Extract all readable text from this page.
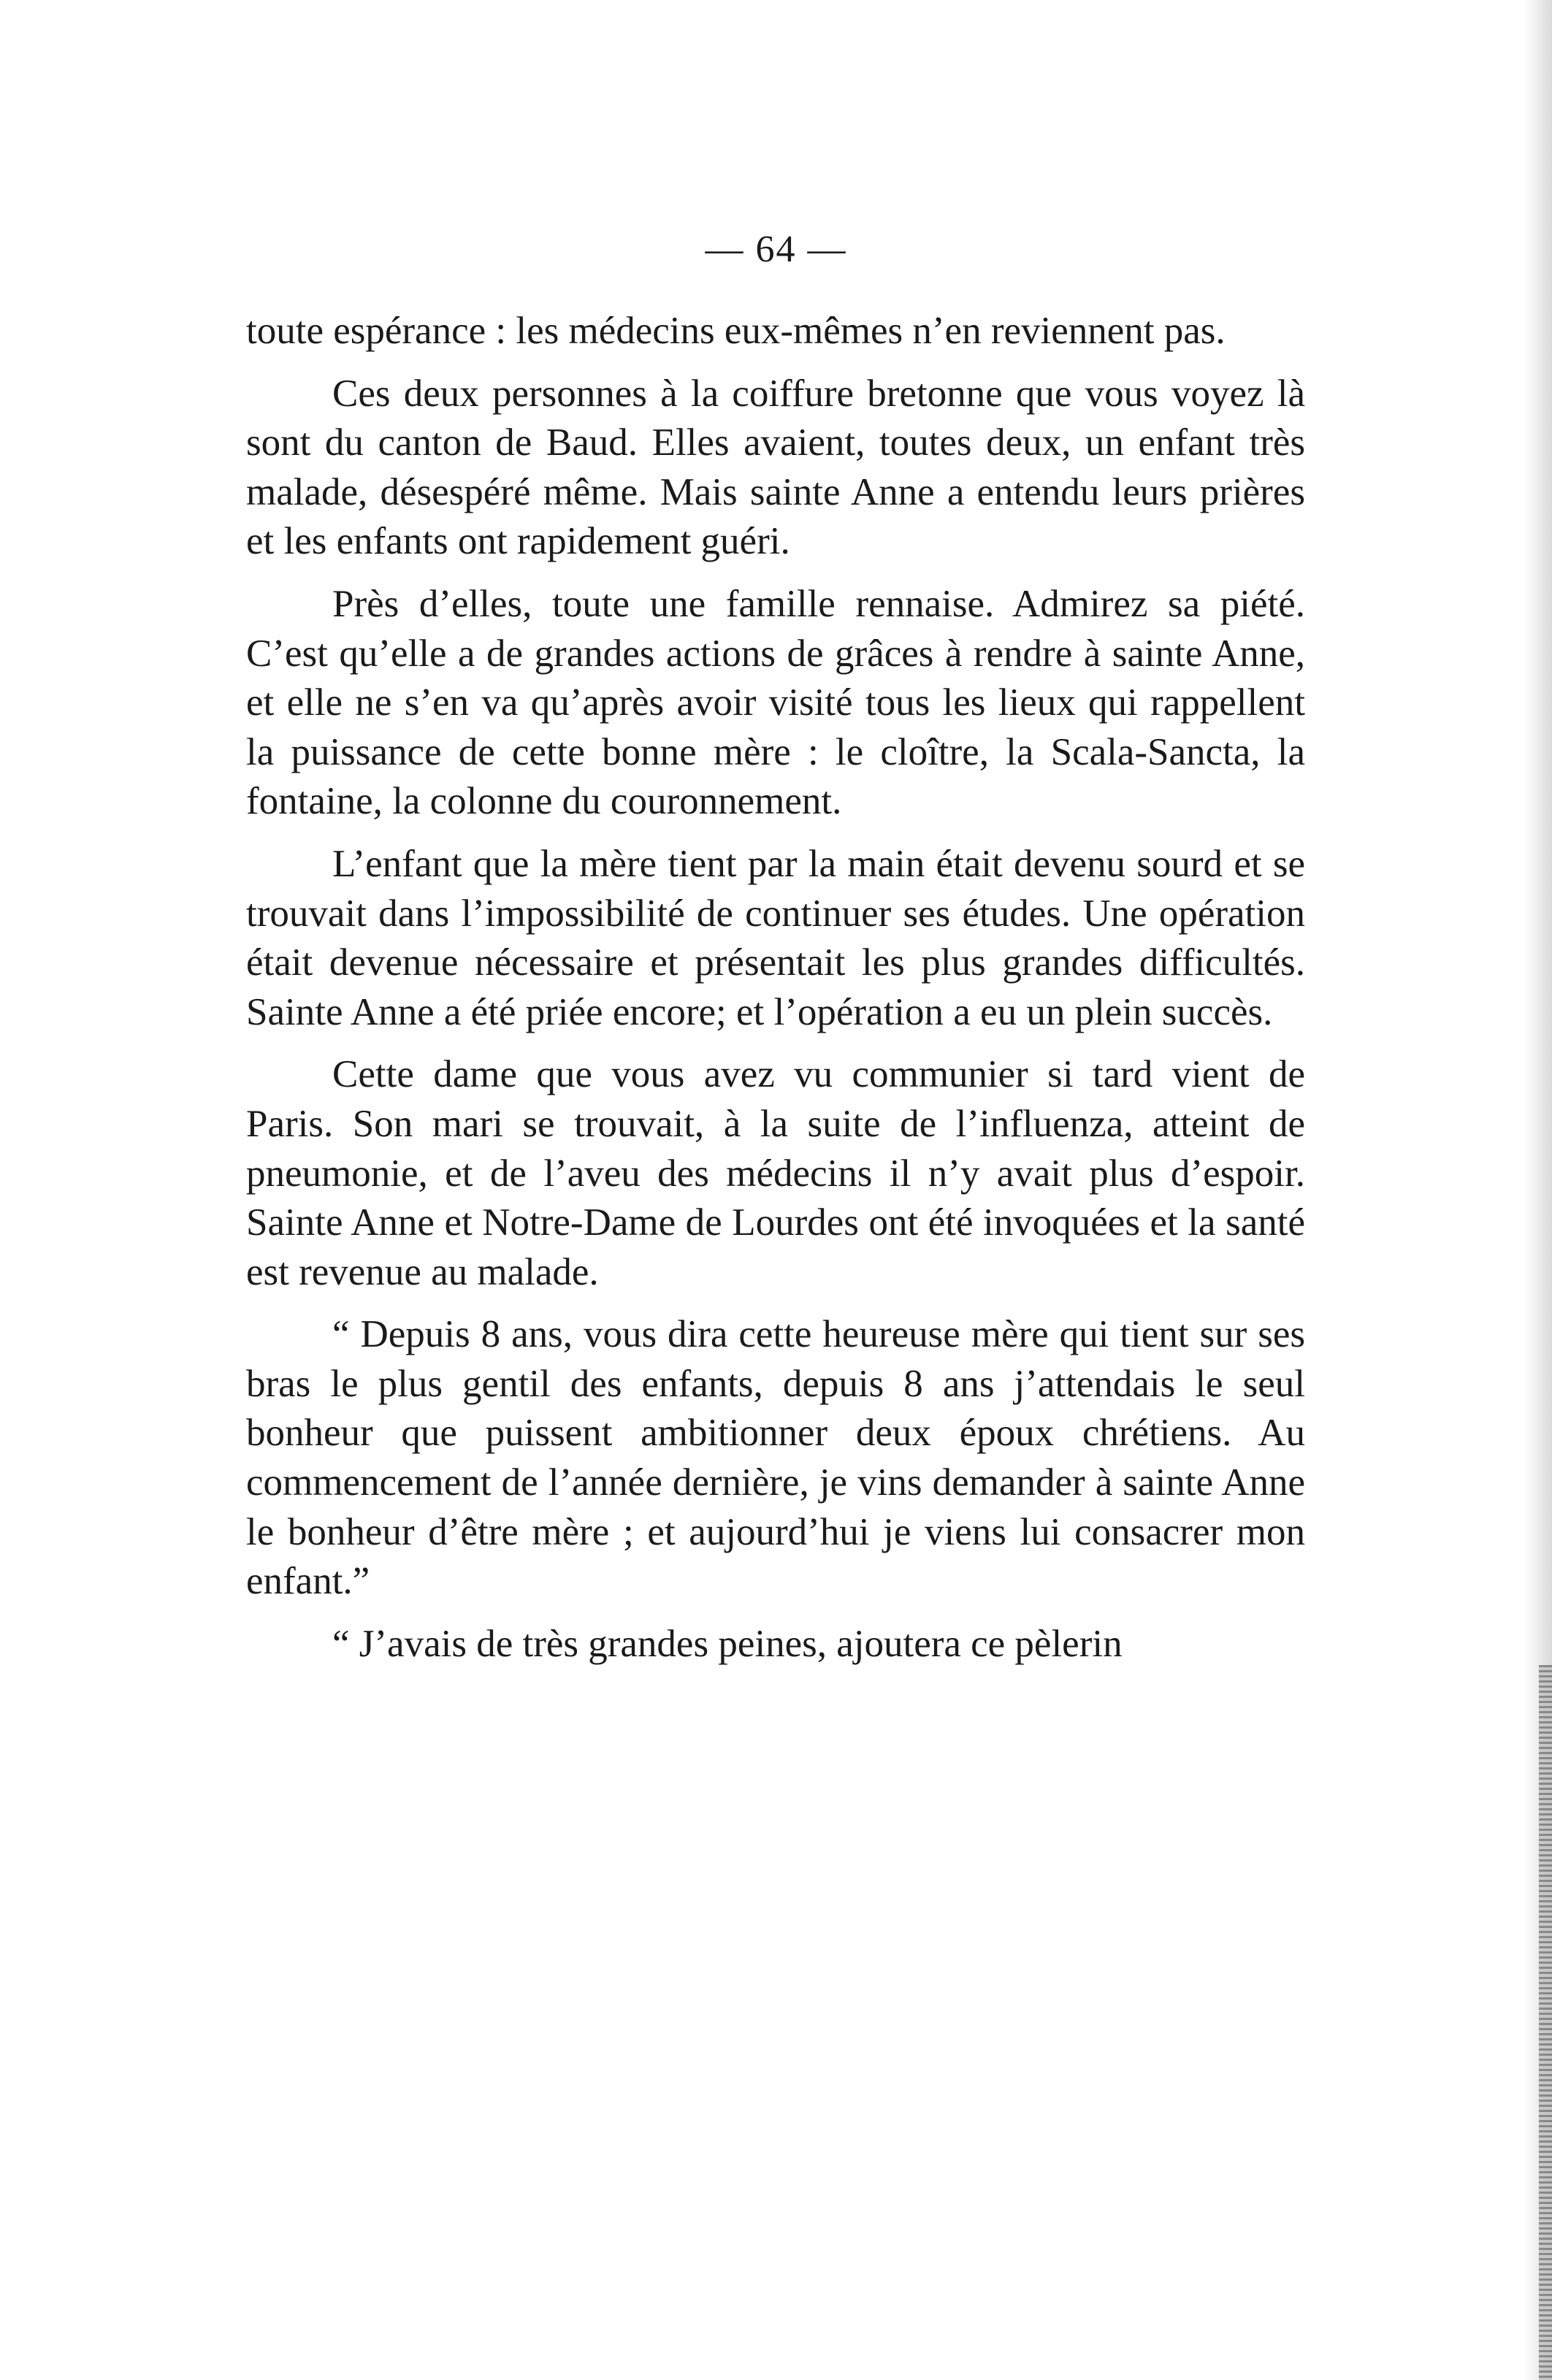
— 64 —

toute espérance : les médecins eux-mêmes n’en reviennent pas.

Ces deux personnes à la coiffure bretonne que vous voyez là sont du canton de Baud. Elles avaient, toutes deux, un enfant très malade, désespéré même. Mais sainte Anne a entendu leurs prières et les enfants ont rapidement guéri.

Près d’elles, toute une famille rennaise. Admirez sa piété. C’est qu’elle a de grandes actions de grâces à rendre à sainte Anne, et elle ne s’en va qu’après avoir visité tous les lieux qui rappellent la puissance de cette bonne mère : le cloître, la Scala-Sancta, la fontaine, la colonne du couronnement.

L’enfant que la mère tient par la main était devenu sourd et se trouvait dans l’impossibilité de continuer ses études. Une opération était devenue nécessaire et présentait les plus grandes difficultés. Sainte Anne a été priée encore; et l’opération a eu un plein succès.

Cette dame que vous avez vu communier si tard vient de Paris. Son mari se trouvait, à la suite de l’influenza, atteint de pneumonie, et de l’aveu des médecins il n’y avait plus d’espoir. Sainte Anne et Notre-Dame de Lourdes ont été invoquées et la santé est revenue au malade.

“ Depuis 8 ans, vous dira cette heureuse mère qui tient sur ses bras le plus gentil des enfants, depuis 8 ans j’attendais le seul bonheur que puissent ambitionner deux époux chrétiens. Au commencement de l’année dernière, je vins demander à sainte Anne le bonheur d’être mère ; et aujourd’hui je viens lui consacrer mon enfant.”

“ J’avais de très grandes peines, ajoutera ce pèlerin
